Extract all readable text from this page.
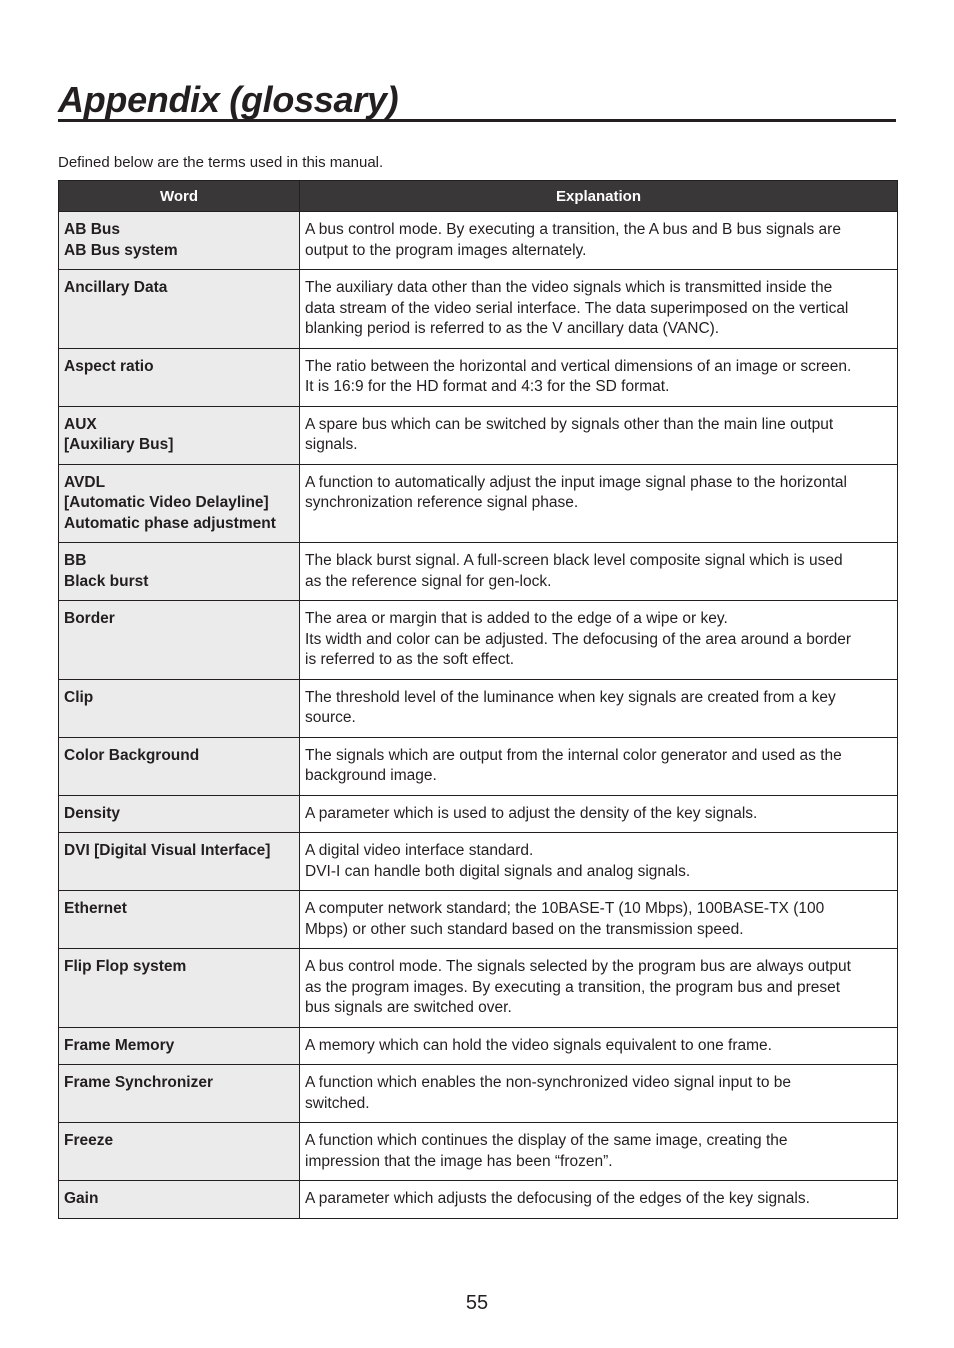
Appendix (glossary)
Defined below are the terms used in this manual.
Word	Explanation

AB Bus
AB Bus system	A bus control mode. By executing a transition, the A bus and B bus signals are
output to the program images alternately.

Ancillary Data	The auxiliary data other than the video signals which is transmitted inside the
data stream of the video serial interface. The data superimposed on the vertical
blanking period is referred to as the V ancillary data (VANC).

Aspect ratio	The ratio between the horizontal and vertical dimensions of an image or screen.
It is 16:9 for the HD format and 4:3 for the SD format.

AUX
[Auxiliary Bus]	A spare bus which can be switched by signals other than the main line output
signals.

AVDL
[Automatic Video Delayline]
Automatic phase adjustment	A function to automatically adjust the input image signal phase to the horizontal
synchronization reference signal phase.

BB
Black burst	The black burst signal. A full-screen black level composite signal which is used
as the reference signal for gen-lock.

Border	The area or margin that is added to the edge of a wipe or key.
Its width and color can be adjusted. The defocusing of the area around a border
is referred to as the soft effect.

Clip	The threshold level of the luminance when key signals are created from a key
source.

Color Background	The signals which are output from the internal color generator and used as the
background image.

Density	A parameter which is used to adjust the density of the key signals.

DVI [Digital Visual Interface]	A digital video interface standard.
DVI-I can handle both digital signals and analog signals.

Ethernet	A computer network standard; the 10BASE-T (10 Mbps), 100BASE-TX (100
Mbps) or other such standard based on the transmission speed.

Flip Flop system	A bus control mode. The signals selected by the program bus are always output
as the program images. By executing a transition, the program bus and preset
bus signals are switched over.

Frame Memory	A memory which can hold the video signals equivalent to one frame.

Frame Synchronizer	A function which enables the non-synchronized video signal input to be
switched.

Freeze	A function which continues the display of the same image, creating the
impression that the image has been “frozen”.

Gain	A parameter which adjusts the defocusing of the edges of the key signals.
55
